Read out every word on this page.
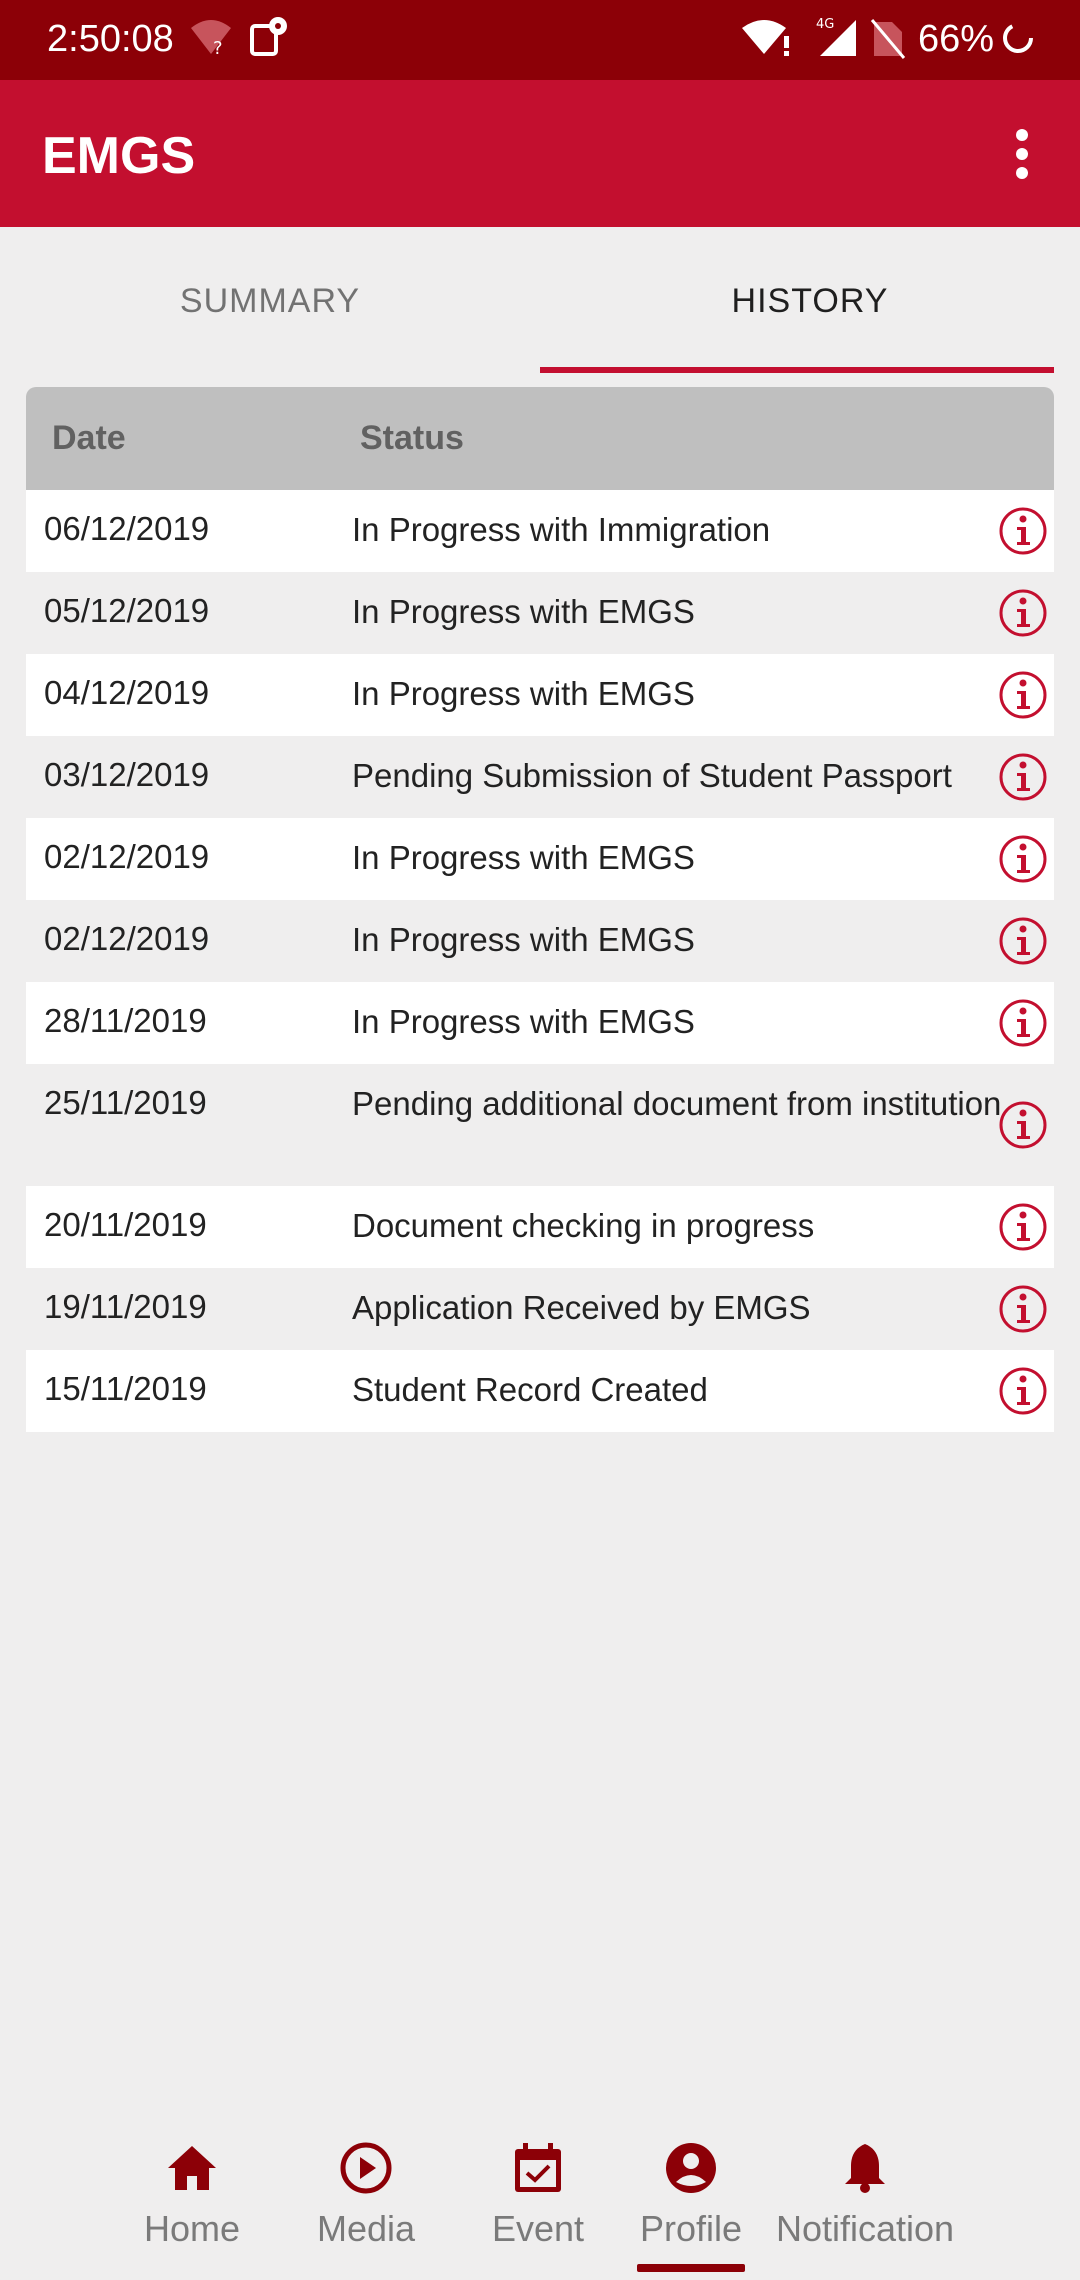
2:50:08 ?
4G 66%
EMGS
SUMMARY	HISTORY
Date	Status
06/12/2019	In Progress with Immigration
05/12/2019	In Progress with EMGS
04/12/2019	In Progress with EMGS
03/12/2019	Pending Submission of Student Passport
02/12/2019	In Progress with EMGS
02/12/2019	In Progress with EMGS
28/11/2019	In Progress with EMGS
25/11/2019	Pending additional document from institution
20/11/2019	Document checking in progress
19/11/2019	Application Received by EMGS
15/11/2019	Student Record Created
Home Media Event Profile Notification
